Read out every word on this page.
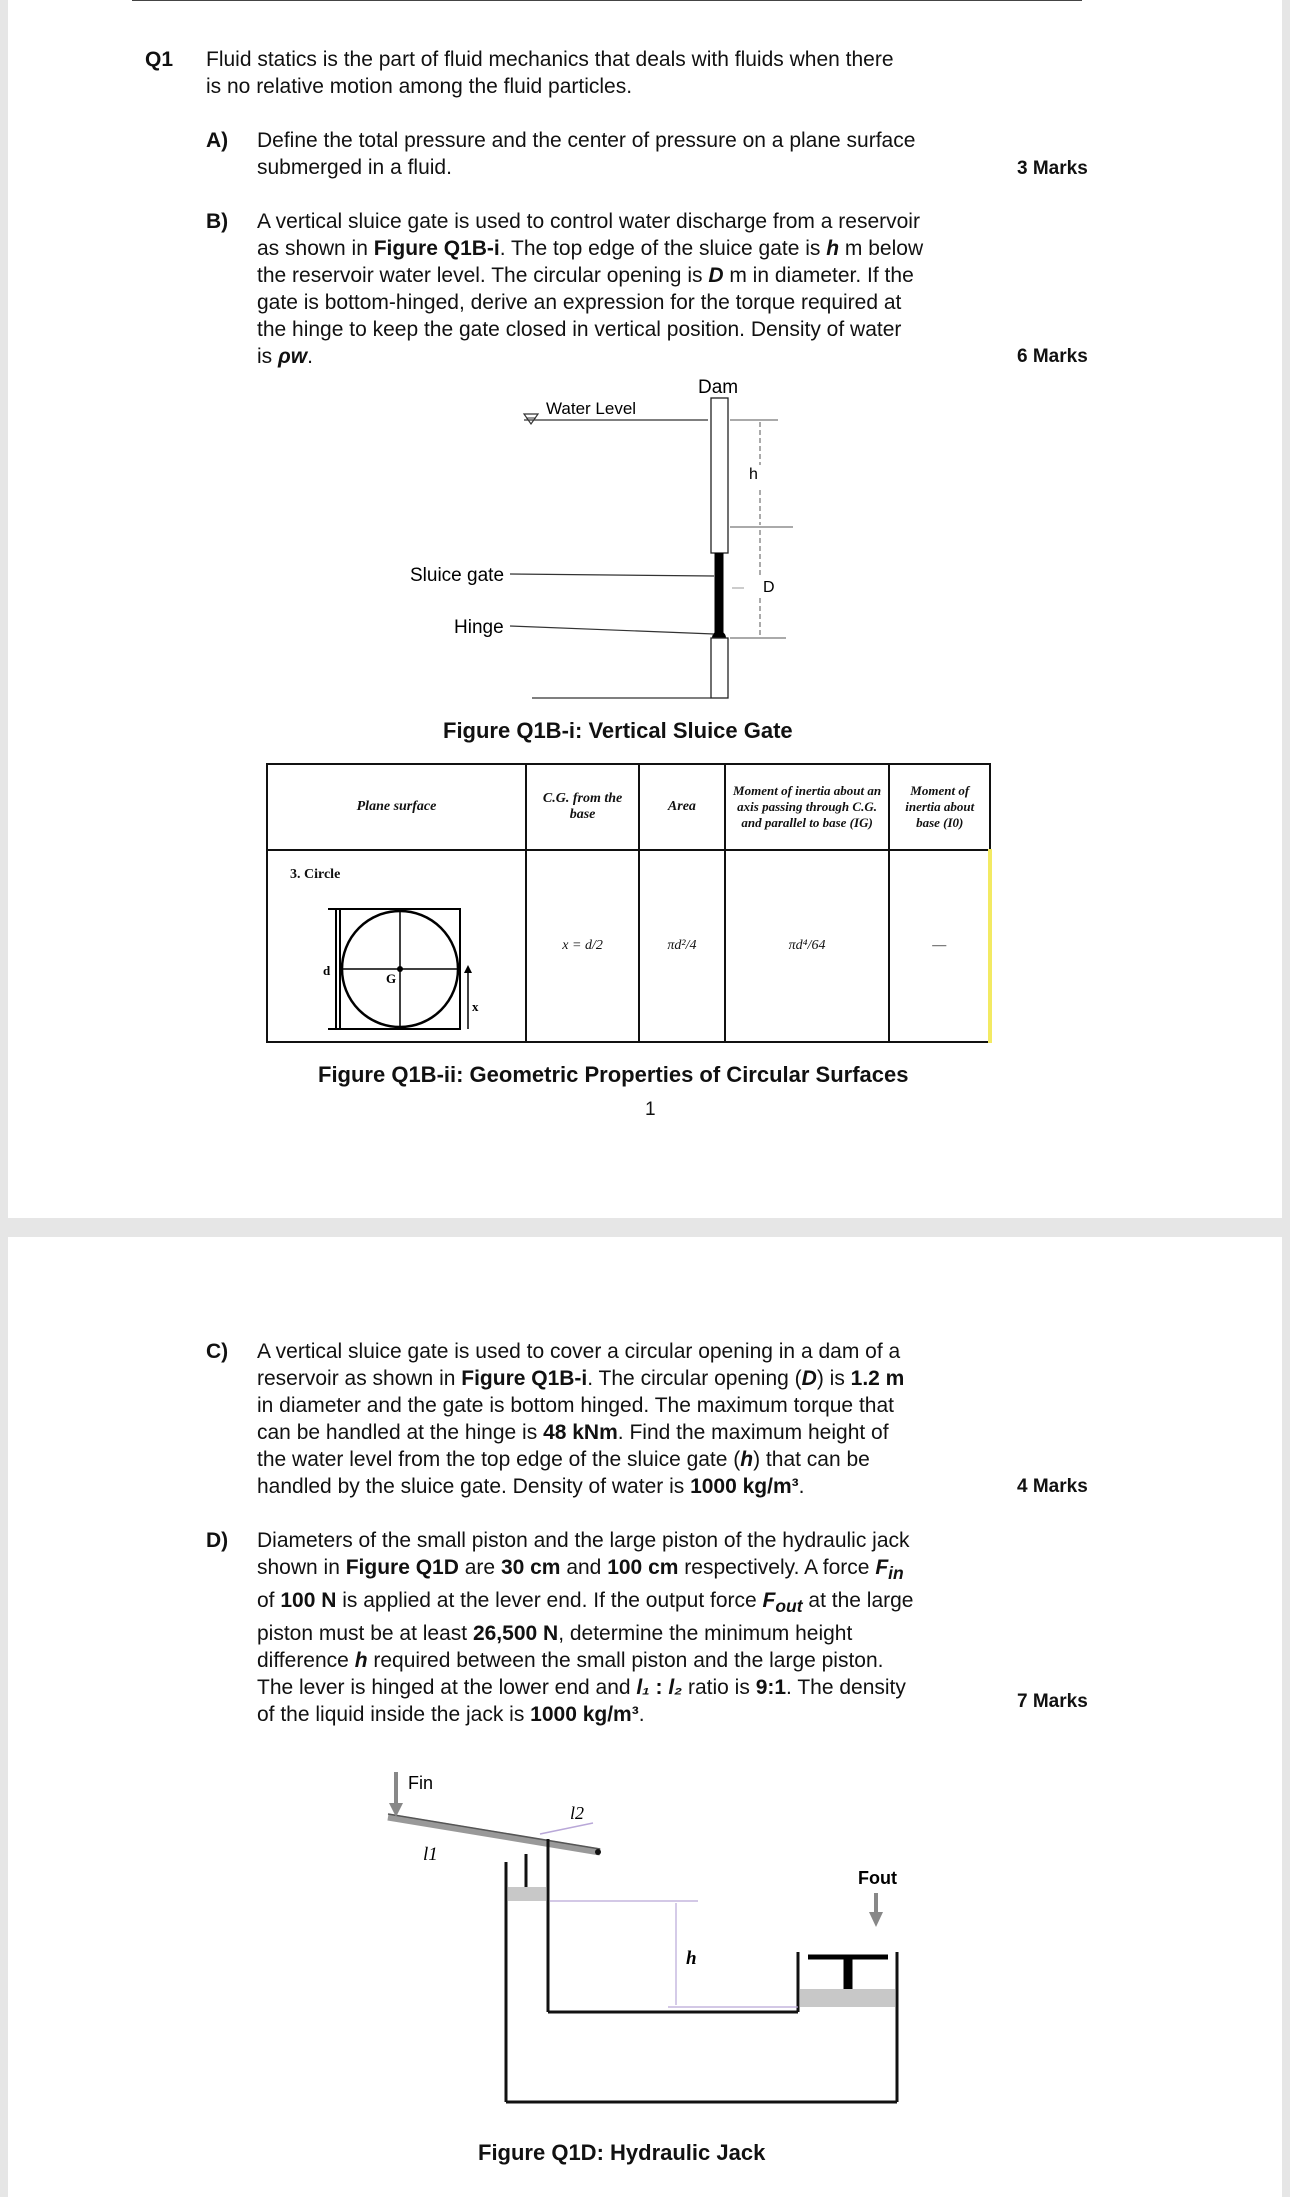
Q1 Fluid statics is the part of fluid mechanics that deals with fluids when there
is no relative motion among the fluid particles.
A) Define the total pressure and the center of pressure on a plane surface
submerged in a fluid.	3 Marks
B) A vertical sluice gate is used to control water discharge from a reservoir
as shown in Figure Q1B-i. The top edge of the sluice gate is h m below
the reservoir water level. The circular opening is D m in diameter. If the
gate is bottom-hinged, derive an expression for the torque required at
the hinge to keep the gate closed in vertical position. Density of water
is ρw.	6 Marks
Dam
Water Level
h
D
Sluice gate
Hinge
Figure Q1B-i: Vertical Sluice Gate
Plane surface	C.G. from the base	Area	Moment of inertia about an axis passing through C.G. and parallel to base (IG)	Moment of inertia about base (I0)

3. Circle
d
G
x	x = d/2	πd²/4	πd⁴/64	—
Figure Q1B-ii: Geometric Properties of Circular Surfaces
1
C) A vertical sluice gate is used to cover a circular opening in a dam of a
reservoir as shown in Figure Q1B-i. The circular opening (D) is 1.2 m
in diameter and the gate is bottom hinged. The maximum torque that
can be handled at the hinge is 48 kNm. Find the maximum height of
the water level from the top edge of the sluice gate (h) that can be
handled by the sluice gate. Density of water is 1000 kg/m³.	4 Marks
D) Diameters of the small piston and the large piston of the hydraulic jack
shown in Figure Q1D are 30 cm and 100 cm respectively. A force $F_{in}$
of 100 N is applied at the lever end. If the output force $F_{out}$ at the large
piston must be at least 26,500 N, determine the minimum height
difference h required between the small piston and the large piston.
The lever is hinged at the lower end and l₁ : l₂ ratio is 9:1. The density
of the liquid inside the jack is 1000 kg/m³.
7 Marks
Fin
l1
l2
Fout
h
Figure Q1D: Hydraulic Jack
